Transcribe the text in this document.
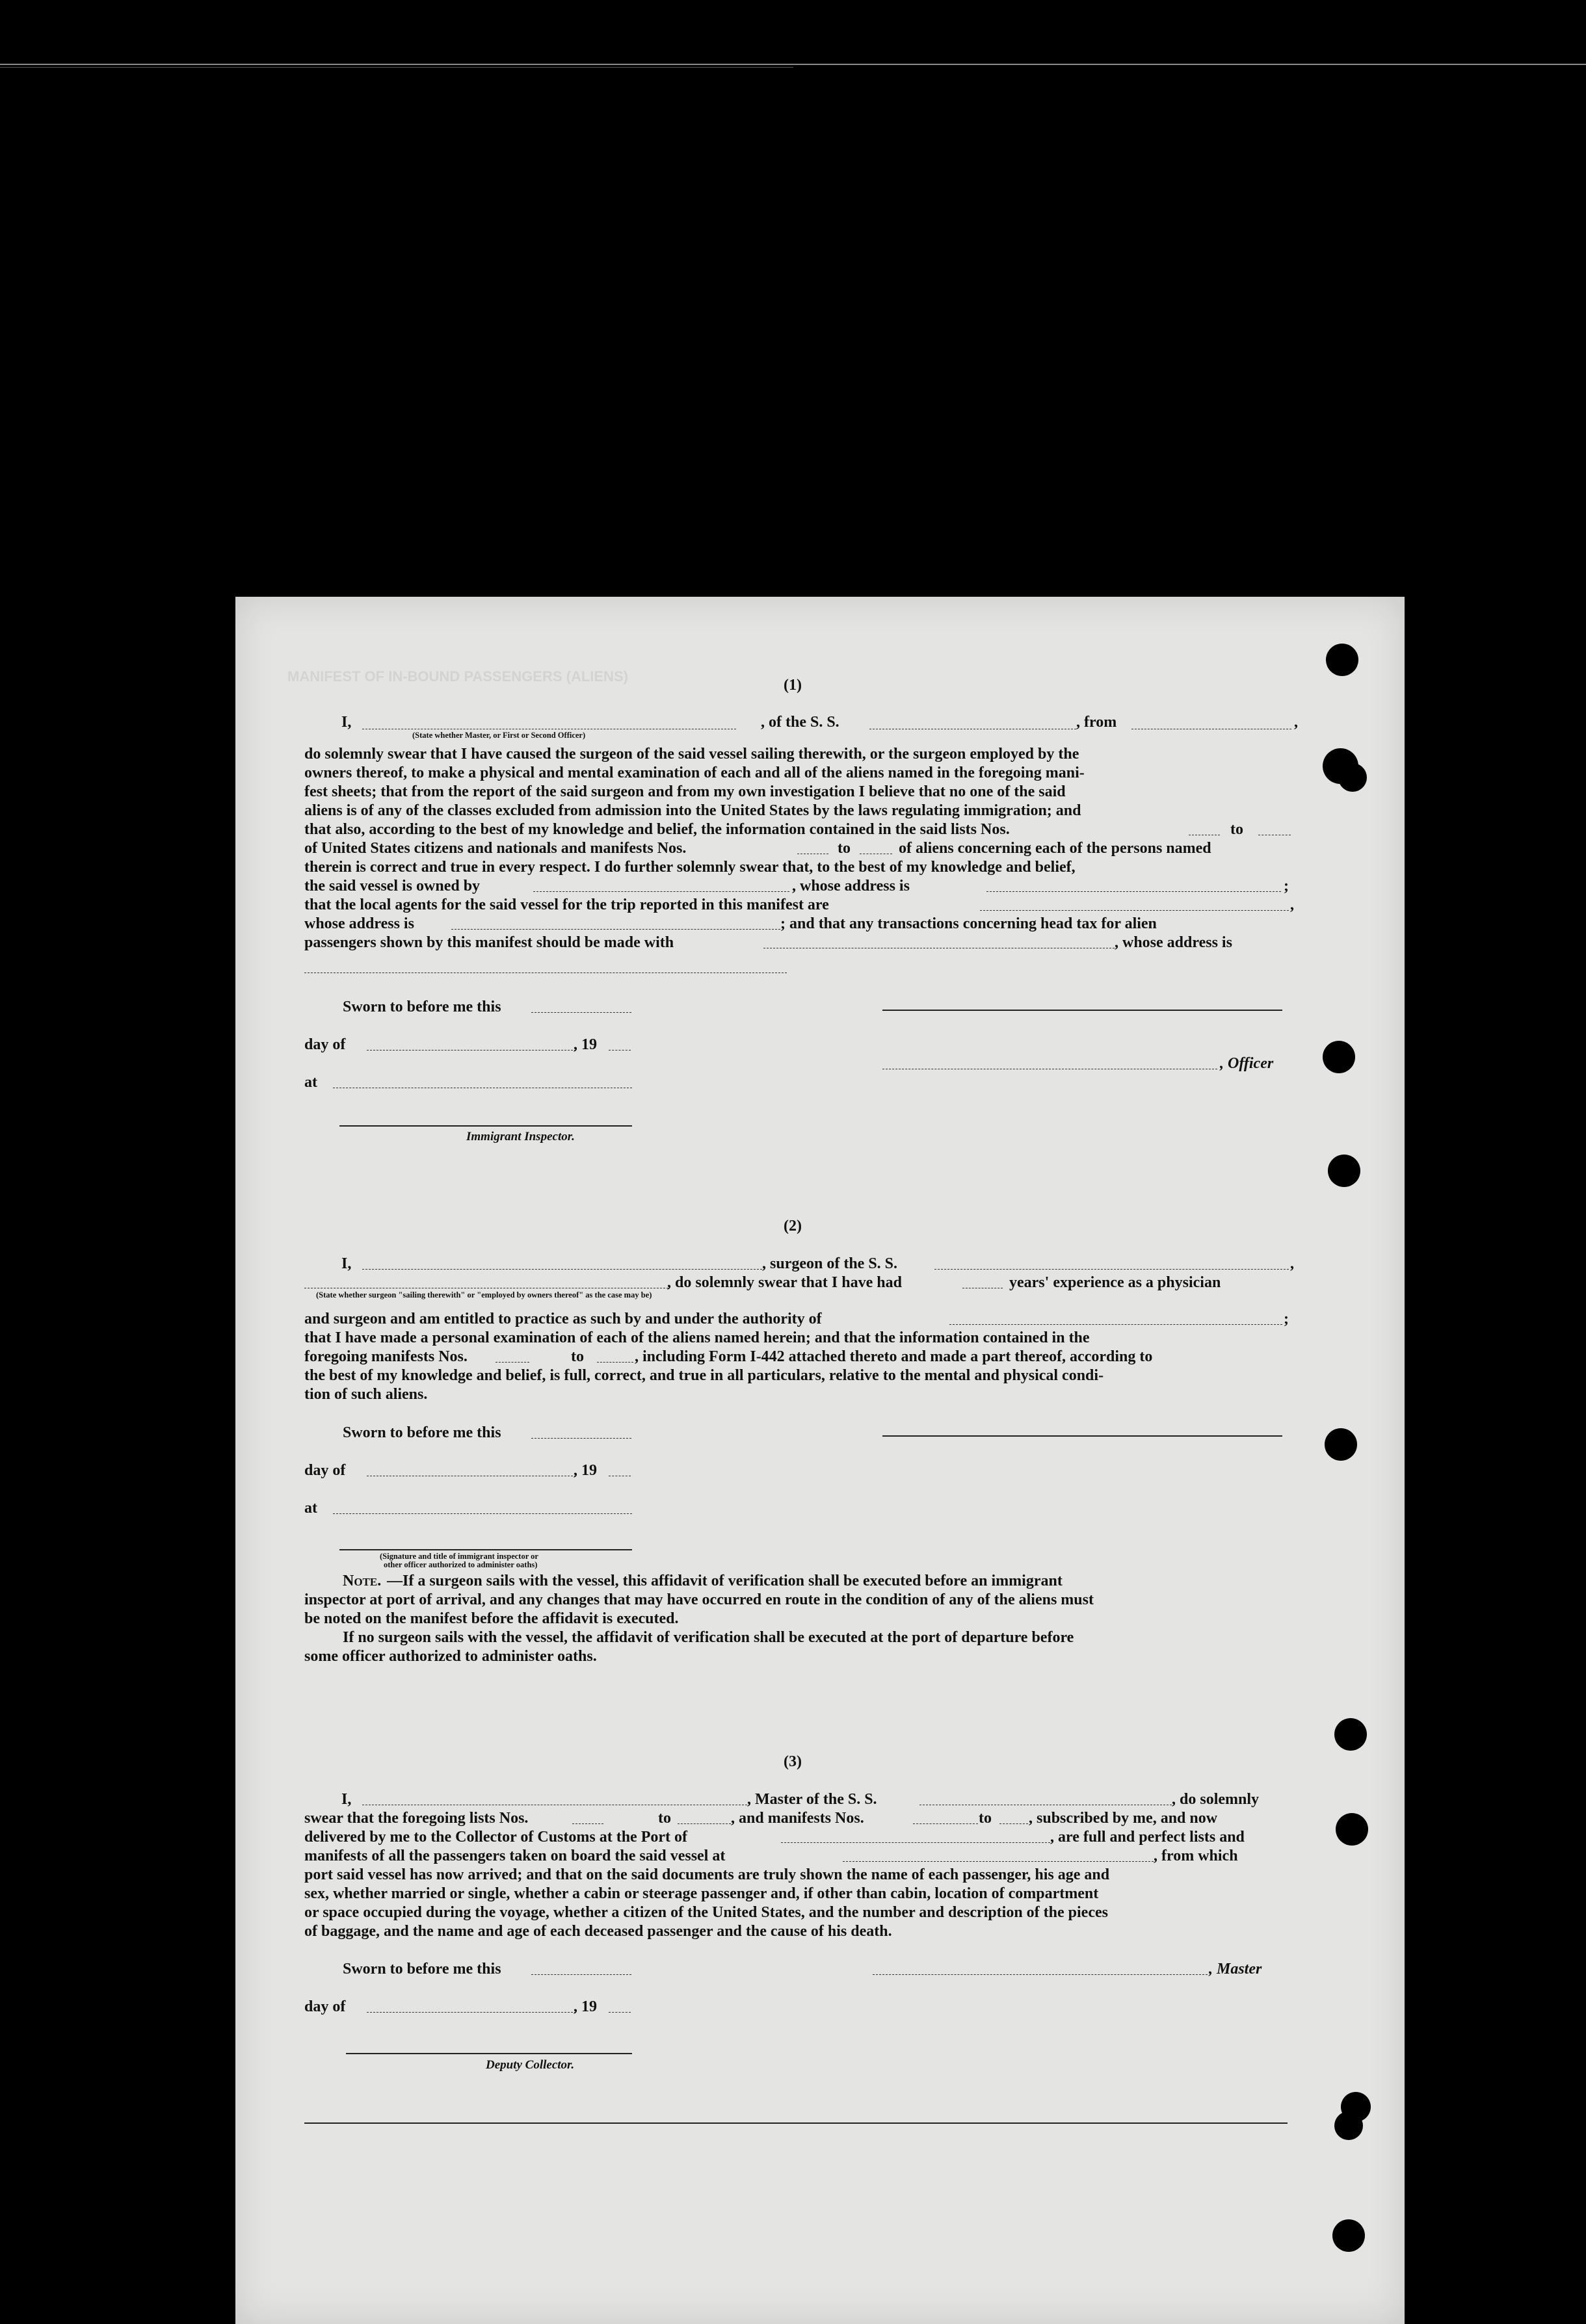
MANIFEST OF IN-BOUND PASSENGERS (ALIENS)
(1)
I,	, of the S. S.	, from	,
(State whether Master, or First or Second Officer)
do solemnly swear that I have caused the surgeon of the said vessel sailing therewith, or the surgeon employed by the
owners thereof, to make a physical and mental examination of each and all of the aliens named in the foregoing mani-
fest sheets; that from the report of the said surgeon and from my own investigation I believe that no one of the said
aliens is of any of the classes excluded from admission into the United States by the laws regulating immigration; and
that also, according to the best of my knowledge and belief, the information contained in the said lists Nos.	to
of United States citizens and nationals and manifests Nos.	to	of aliens concerning each of the persons named
therein is correct and true in every respect. I do further solemnly swear that, to the best of my knowledge and belief,
the said vessel is owned by	, whose address is	;
that the local agents for the said vessel for the trip reported in this manifest are	,
whose address is	; and that any transactions concerning head tax for alien
passengers shown by this manifest should be made with	, whose address is
Sworn to before me this
day of	, 19
, Officer
at
Immigrant Inspector.
(2)
I,	, surgeon of the S. S.	,
, do solemnly swear that I have had	years' experience as a physician
(State whether surgeon "sailing therewith" or "employed by owners thereof" as the case may be)
and surgeon and am entitled to practice as such by and under the authority of	;
that I have made a personal examination of each of the aliens named herein; and that the information contained in the
foregoing manifests Nos.	to	, including Form I-442 attached thereto and made a part thereof, according to
the best of my knowledge and belief, is full, correct, and true in all particulars, relative to the mental and physical condi-
tion of such aliens.
Sworn to before me this
day of	, 19
at
(Signature and title of immigrant inspector or
other officer authorized to administer oaths)
Note. —If a surgeon sails with the vessel, this affidavit of verification shall be executed before an immigrant
inspector at port of arrival, and any changes that may have occurred en route in the condition of any of the aliens must
be noted on the manifest before the affidavit is executed.
If no surgeon sails with the vessel, the affidavit of verification shall be executed at the port of departure before
some officer authorized to administer oaths.
(3)
I,	, Master of the S. S.	, do solemnly
swear that the foregoing lists Nos.	to	, and manifests Nos.	to , subscribed by me, and now
delivered by me to the Collector of Customs at the Port of	, are full and perfect lists and
manifests of all the passengers taken on board the said vessel at	, from which
port said vessel has now arrived; and that on the said documents are truly shown the name of each passenger, his age and
sex, whether married or single, whether a cabin or steerage passenger and, if other than cabin, location of compartment
or space occupied during the voyage, whether a citizen of the United States, and the number and description of the pieces
of baggage, and the name and age of each deceased passenger and the cause of his death.
Sworn to before me this	, Master
day of	, 19
Deputy Collector.
